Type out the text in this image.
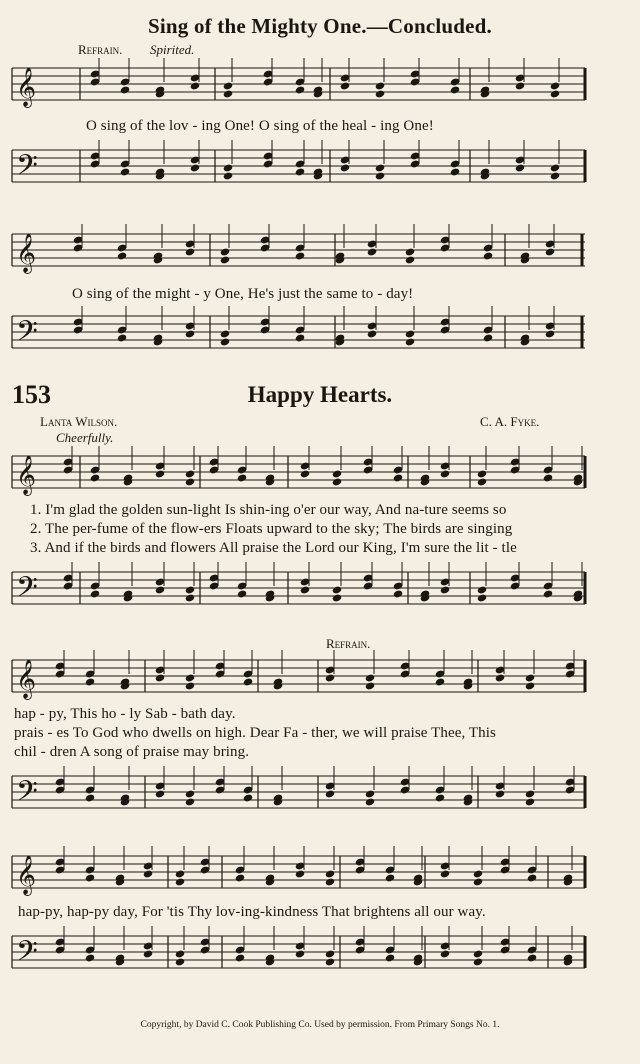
Sing of the Mighty One.—Concluded.
Refrain. Spirited.
𝄞
O sing of the lov - ing One! O sing of the heal - ing One!
𝄢
𝄞
O sing of the might - y One, He's just the same to - day!
𝄢
153	Happy Hearts.
Lanta Wilson.	C. A. Fyke.
Cheerfully.
𝄞
1. I'm glad the golden sun-light Is shin-ing o'er our way, And na-ture seems so
2. The per-fume of the flow-ers Floats upward to the sky; The birds are singing
3. And if the birds and flowers All praise the Lord our King, I'm sure the lit - tle
𝄢
Refrain.
𝄞
hap - py, This ho - ly Sab - bath day.
prais - es To God who dwells on high. Dear Fa - ther, we will praise Thee, This
chil - dren A song of praise may bring.
𝄢
𝄞
hap-py, hap-py day, For 'tis Thy lov-ing-kindness That brightens all our way.
𝄢
Copyright, by David C. Cook Publishing Co. Used by permission. From Primary Songs No. 1.
